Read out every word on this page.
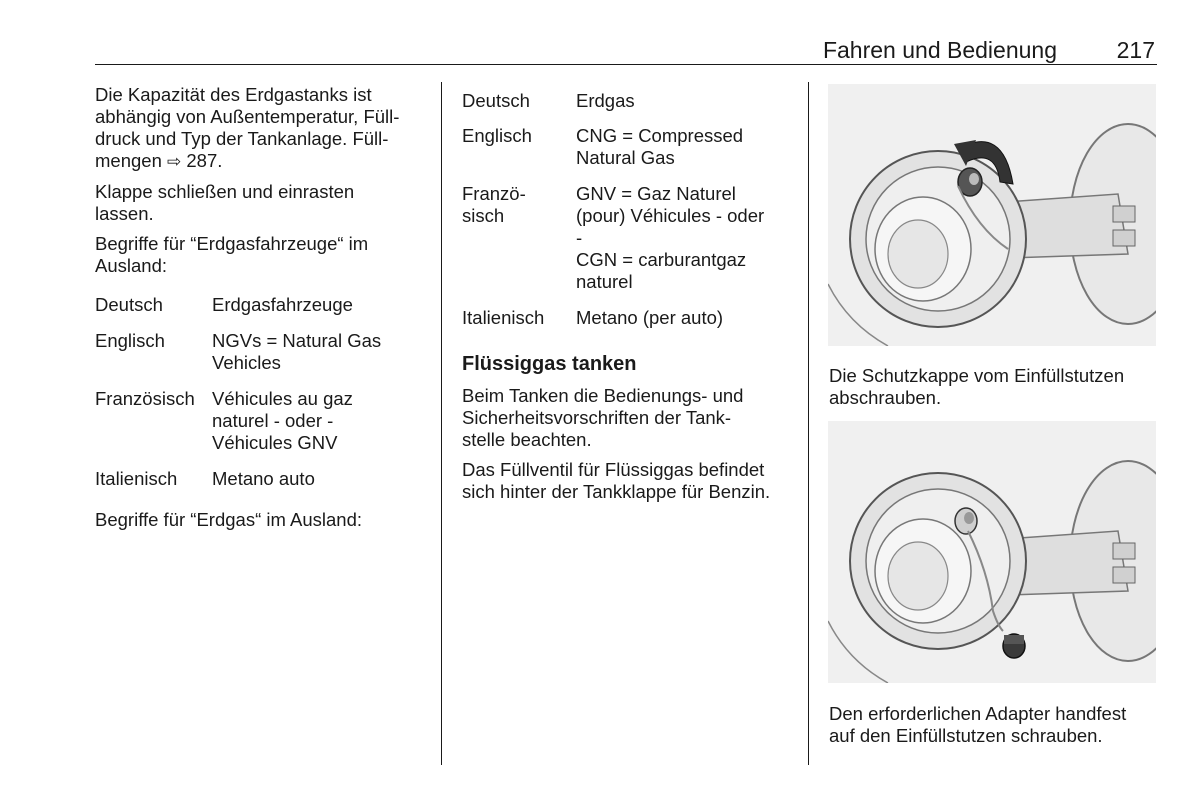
Fahren und Bedienung	217

Die Kapazität des Erdgastanks ist
abhängig von Außentemperatur, Füll-
druck und Typ der Tankanlage. Füll-
mengen ⇨ 287.

Klappe schließen und einrasten
lassen.

Begriffe für “Erdgasfahrzeuge“ im
Ausland:

Deutsch	Erdgasfahrzeuge
Englisch	NGVs = Natural Gas
Vehicles
Französisch	Véhicules au gaz
naturel - oder -
Véhicules GNV
Italienisch	Metano auto

Begriffe für “Erdgas“ im Ausland:

Deutsch	Erdgas
Englisch	CNG = Compressed
Natural Gas
Franzö-
sisch	GNV = Gaz Naturel
(pour) Véhicules - oder
-
CGN = carburantgaz
naturel
Italienisch	Metano (per auto)
Flüssiggas tanken

Beim Tanken die Bedienungs- und
Sicherheitsvorschriften der Tank-
stelle beachten.

Das Füllventil für Flüssiggas befindet
sich hinter der Tankklappe für Benzin.

Die Schutzkappe vom Einfüllstutzen
abschrauben.
Den erforderlichen Adapter handfest
auf den Einfüllstutzen schrauben.
